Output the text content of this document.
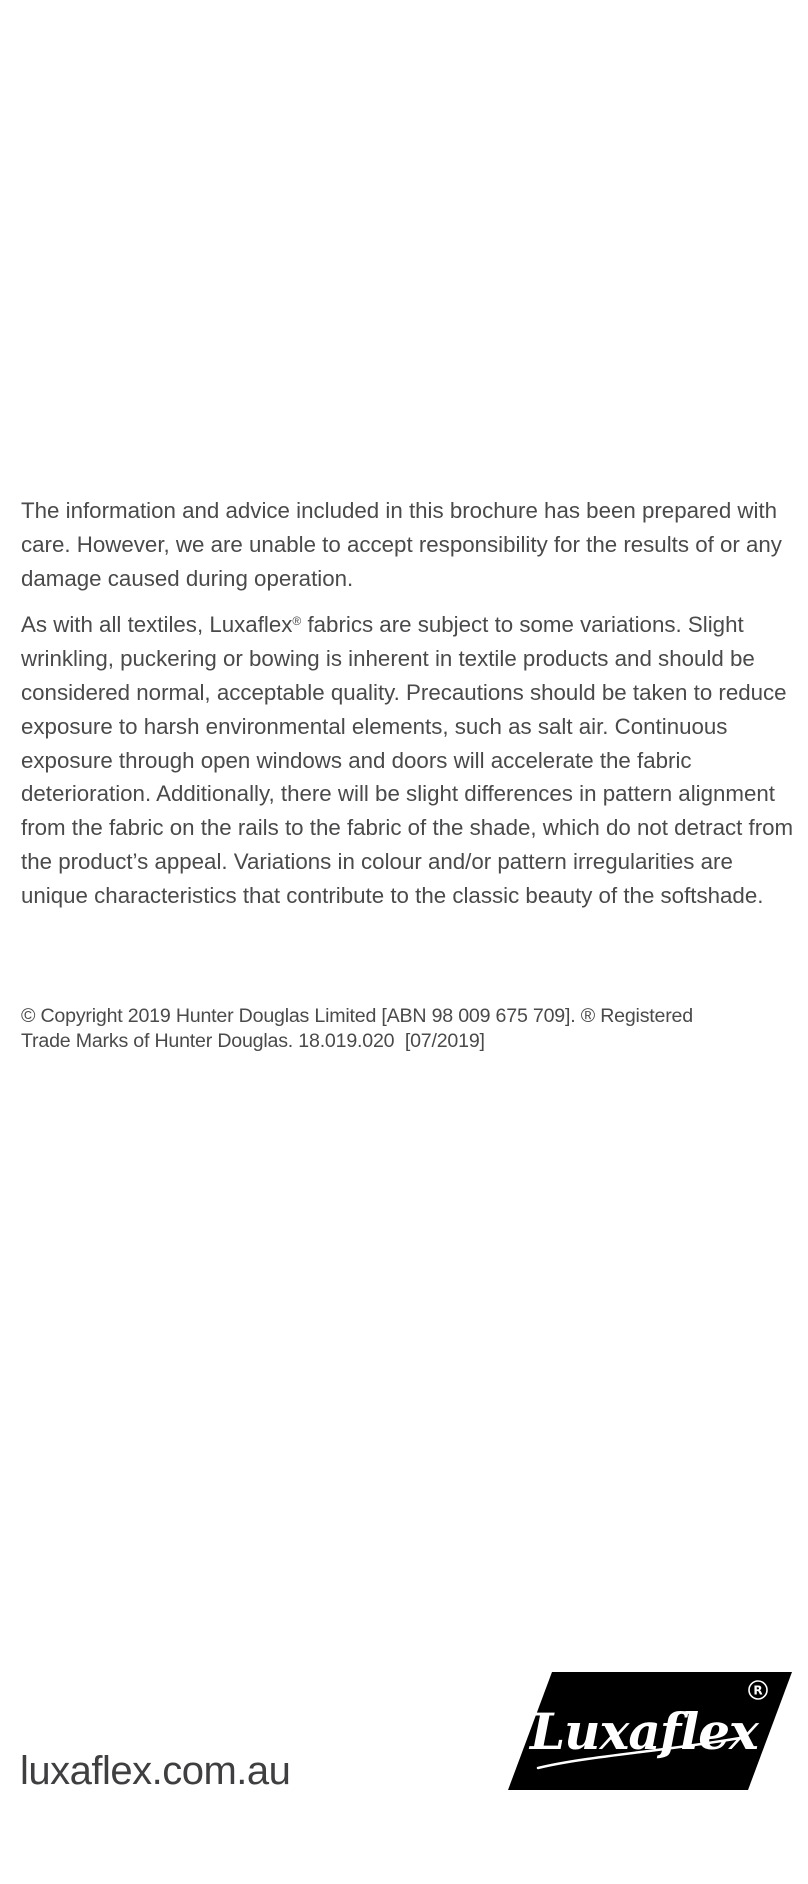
The information and advice included in this brochure has been prepared with care. However, we are unable to accept responsibility for the results of or any damage caused during operation.

As with all textiles, Luxaflex® fabrics are subject to some variations. Slight wrinkling, puckering or bowing is inherent in textile products and should be considered normal, acceptable quality. Precautions should be taken to reduce exposure to harsh environmental elements, such as salt air. Continuous exposure through open windows and doors will accelerate the fabric deterioration. Additionally, there will be slight differences in pattern alignment from the fabric on the rails to the fabric of the shade, which do not detract from the product’s appeal. Variations in colour and/or pattern irregularities are unique characteristics that contribute to the classic beauty of the softshade.

© Copyright 2019 Hunter Douglas Limited [ABN 98 009 675 709]. ® Registered
Trade Marks of Hunter Douglas. 18.019.020  [07/2019]
luxaflex.com.au
Luxaflex
R
